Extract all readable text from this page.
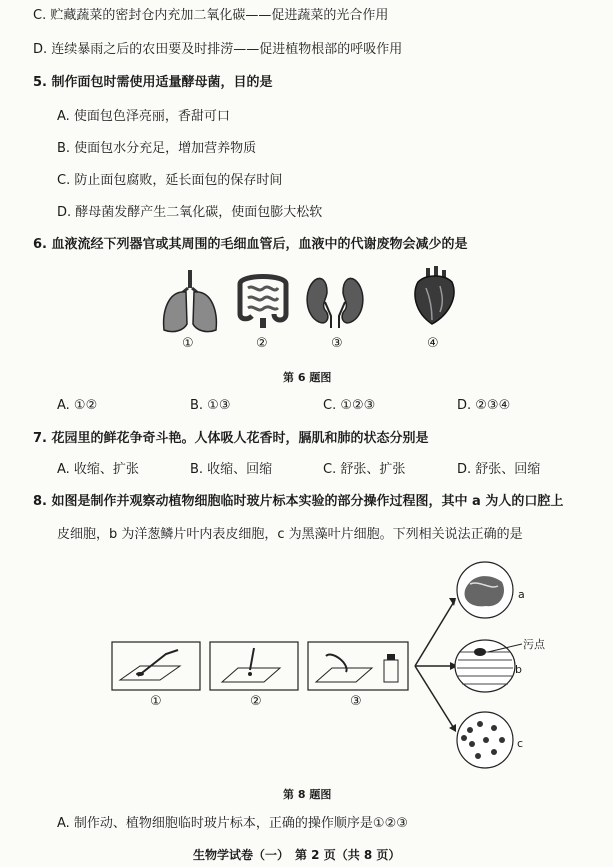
C. 贮藏蔬菜的密封仓内充加二氧化碳——促进蔬菜的光合作用
D. 连续暴雨之后的农田要及时排涝——促进植物根部的呼吸作用
5. 制作面包时需使用适量酵母菌，目的是
A. 使面包色泽亮丽，香甜可口
B. 使面包水分充足，增加营养物质
C. 防止面包腐败，延长面包的保存时间
D. 酵母菌发酵产生二氧化碳，使面包膨大松软
6. 血液流经下列器官或其周围的毛细血管后，血液中的代谢废物会减少的是
①	②	③	④
第 6 题图
A. ①②	B. ①③	C. ①②③	D. ②③④
7. 花园里的鲜花争奇斗艳。人体吸人花香时，膈肌和肺的状态分别是
A. 收缩、扩张	B. 收缩、回缩	C. 舒张、扩张	D. 舒张、回缩
8. 如图是制作并观察动植物细胞临时玻片标本实验的部分操作过程图，其中 a 为人的口腔上
皮细胞，b 为洋葱鳞片叶内表皮细胞，c 为黑藻叶片细胞。下列相关说法正确的是
①	②	③
a
b
c
污点
第 8 题图
A. 制作动、植物细胞临时玻片标本，正确的操作顺序是①②③
生物学试卷（一）　第 2 页（共 8 页）
